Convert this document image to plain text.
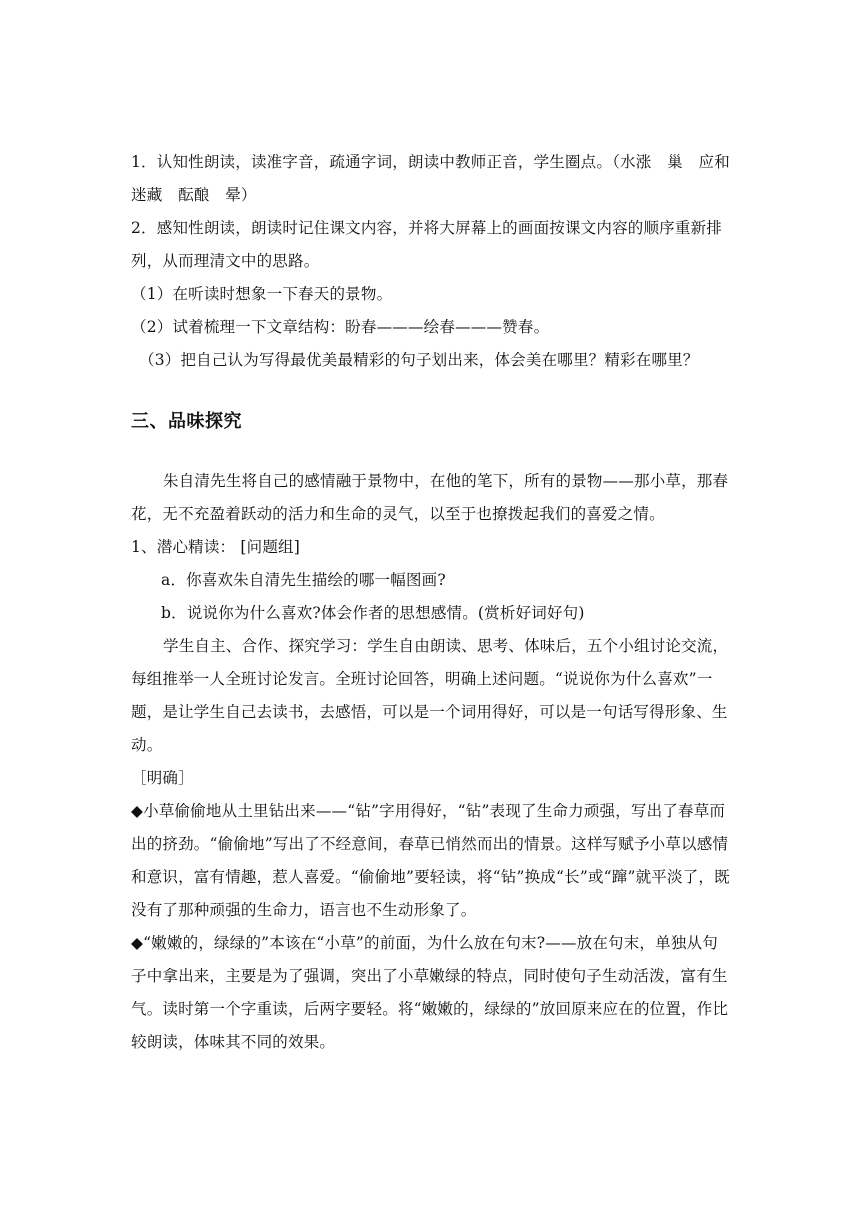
1．认知性朗读，读准字音，疏通字词，朗读中教师正音，学生圈点。（水涨　巢　应和　迷藏　酝酿　晕）

2．感知性朗读，朗读时记住课文内容，并将大屏幕上的画面按课文内容的顺序重新排列，从而理清文中的思路。

（1）在听读时想象一下春天的景物。

（2）试着梳理一下文章结构：盼春———绘春———赞春。

（3）把自己认为写得最优美最精彩的句子划出来，体会美在哪里？精彩在哪里？

三、品味探究

朱自清先生将自己的感情融于景物中，在他的笔下，所有的景物——那小草，那春花，无不充盈着跃动的活力和生命的灵气，以至于也撩拨起我们的喜爱之情。

1、潜心精读： [问题组]

a．你喜欢朱自清先生描绘的哪一幅图画?

b．说说你为什么喜欢?体会作者的思想感情。(赏析好词好句)

学生自主、合作、探究学习：学生自由朗读、思考、体味后，五个小组讨论交流，每组推举一人全班讨论发言。全班讨论回答，明确上述问题。“说说你为什么喜欢”一题，是让学生自己去读书，去感悟，可以是一个词用得好，可以是一句话写得形象、生动。

［明确］

◆小草偷偷地从土里钻出来——“钻”字用得好，“钻”表现了生命力顽强，写出了春草而出的挤劲。“偷偷地”写出了不经意间，春草已悄然而出的情景。这样写赋予小草以感情和意识，富有情趣，惹人喜爱。“偷偷地”要轻读，将“钻”换成“长”或“蹿”就平淡了，既没有了那种顽强的生命力，语言也不生动形象了。

◆“嫩嫩的，绿绿的”本该在“小草”的前面，为什么放在句末?——放在句末，单独从句子中拿出来，主要是为了强调，突出了小草嫩绿的特点，同时使句子生动活泼，富有生气。读时第一个字重读，后两字要轻。将“嫩嫩的，绿绿的”放回原来应在的位置，作比较朗读，体味其不同的效果。
